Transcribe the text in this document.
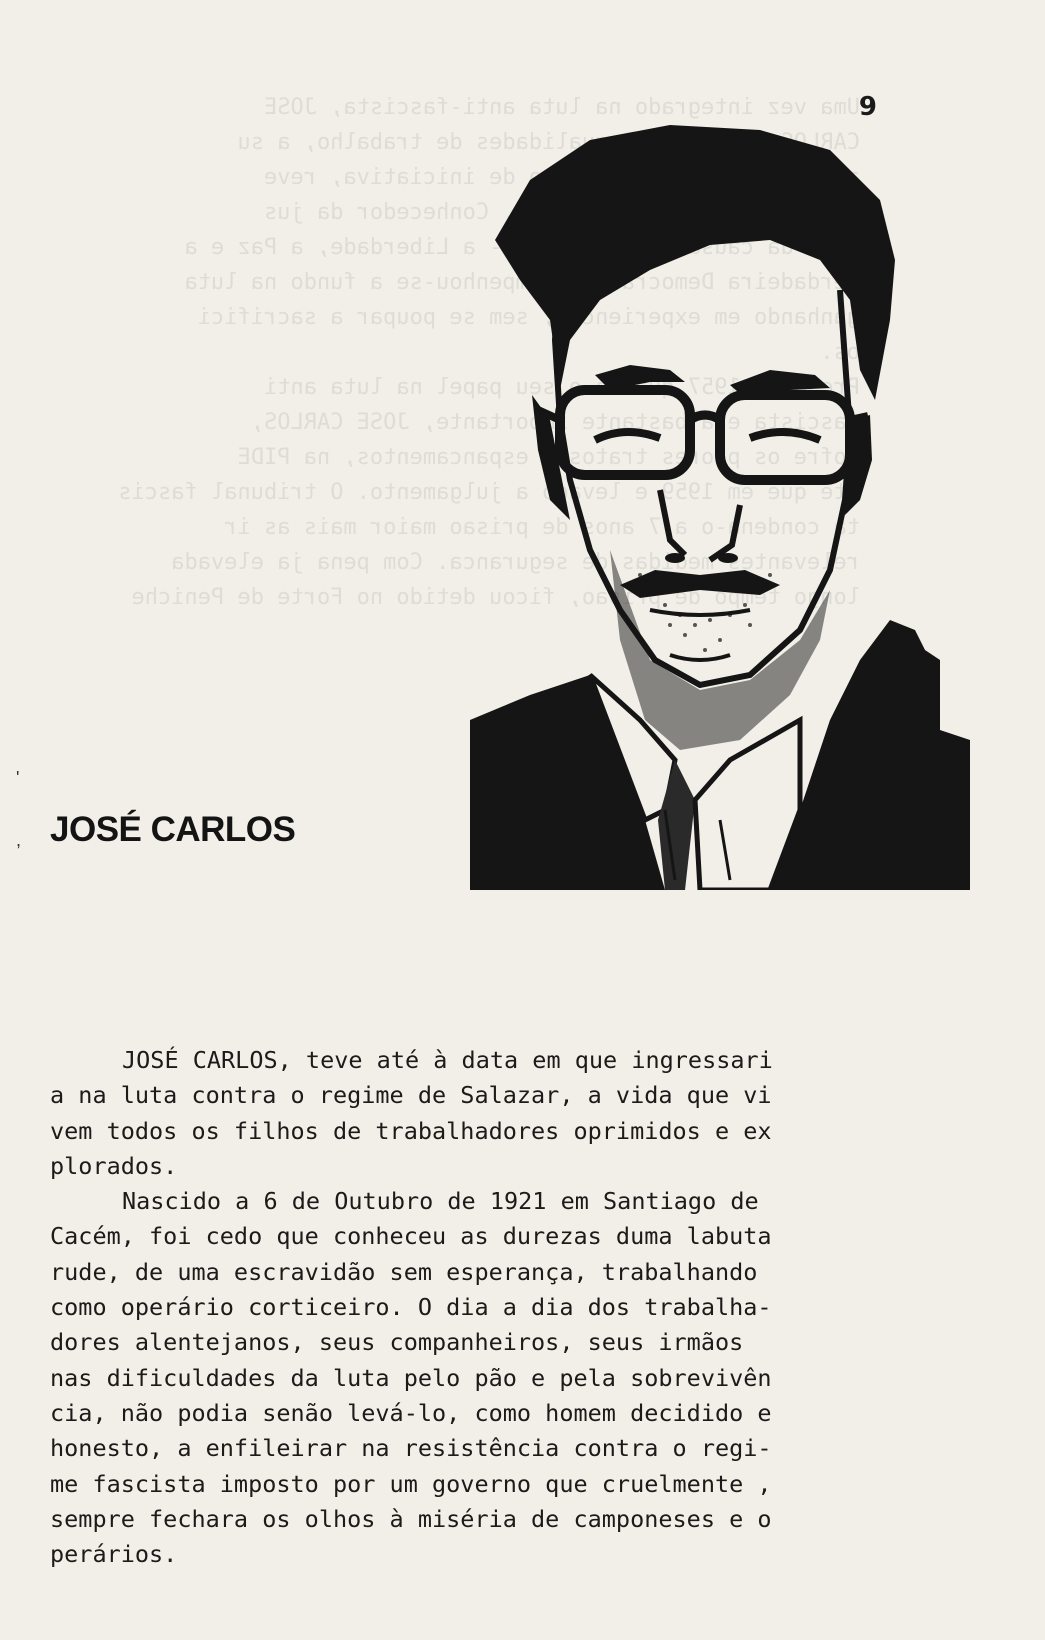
Uma vez integrado na luta anti-fascista, JOSE
CARLOS    qualidades de trabalho, a su
de iniciativa, reve
Conhecedor da jus
da causa   - a Liberdade, a Paz e a
verdadeira Democracia  empenhou-se a fundo na luta
ganhando em experiencia, sem se poupar a sacrifici
os.
1957 quando o seu papel na luta anti
fascista era bastante importante, JOSE CARLOS,
sofre os piores tratos  espancamentos, na PIDE
ate que em 1959 e levado a julgamento. O tribunal fascis
ta condena-o a 7 anos de prisao maior mais as ir
relevantes medidas de seguranca. Com pena ja elevada
tempo de prisao, ficou detido no Forte de Peniche
9
'
, JOSÉ CARLOS
JOSÉ CARLOS, teve até à data em que ingressari
a na luta contra o regime de Salazar, a vida que vi
vem todos os filhos de trabalhadores oprimidos e ex
plorados.
Nascido a 6 de Outubro de 1921 em Santiago de
Cacém, foi cedo que conheceu as durezas duma labuta
rude, de uma escravidão sem esperança, trabalhando
como operário corticeiro. O dia a dia dos trabalha-
dores alentejanos, seus companheiros, seus irmãos
nas dificuldades da luta pelo pão e pela sobrevivên
cia, não podia senão levá-lo, como homem decidido e
honesto, a enfileirar na resistência contra o regi-
me fascista imposto por um governo que cruelmente ,
sempre fechara os olhos à miséria de camponeses e o
perários.
